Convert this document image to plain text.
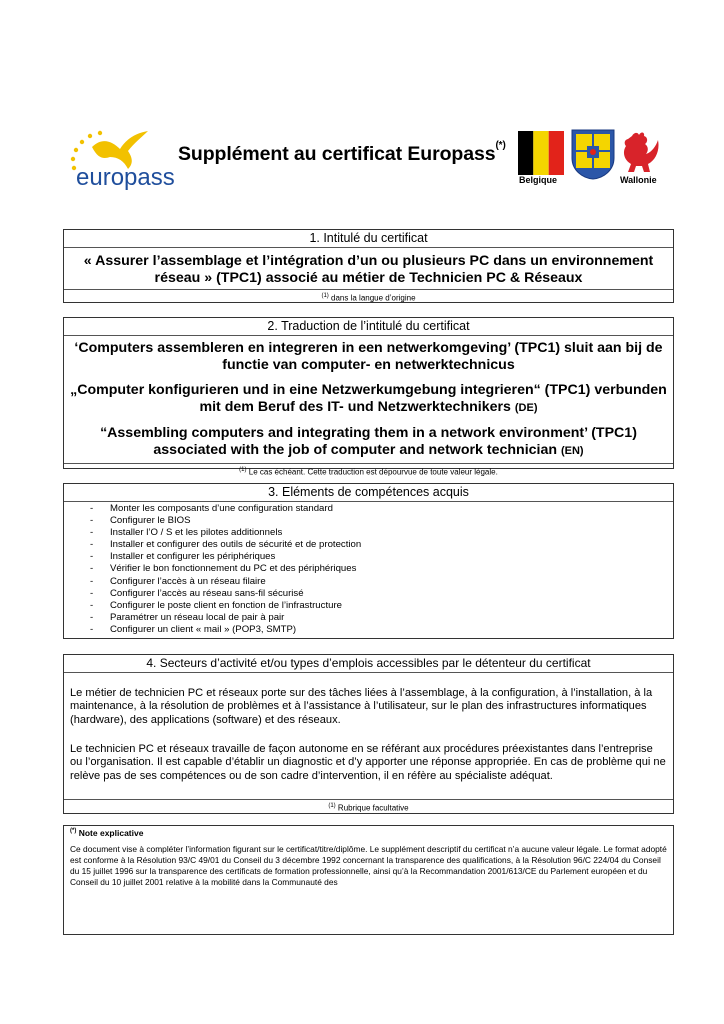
europass
Supplément au certificat Europass(*)
Belgique	Wallonie
1. Intitulé du certificat
« Assurer l’assemblage et l’intégration d’un ou plusieurs PC dans un environnement
réseau » (TPC1) associé au métier de Technicien PC & Réseaux
$^{(1)}$ dans la langue d’origine
2. Traduction de l’intitulé du certificat
‘Computers assembleren en integreren in een netwerkomgeving’ (TPC1) sluit aan bij de
functie van computer- en netwerktechnicus
„Computer konfigurieren und in eine Netzwerkumgebung integrieren“ (TPC1) verbunden
mit dem Beruf des IT- und Netzwerktechnikers (DE)
“Assembling computers and integrating them in a network environment’ (TPC1)
associated with the job of computer and network technician (EN)
$^{(1)}$ Le cas échéant. Cette traduction est dépourvue de toute valeur légale.
3. Eléments de compétences acquis
- Monter les composants d’une configuration standard
- Configurer le BIOS
- Installer l’O / S et les pilotes additionnels
- Installer et configurer des outils de sécurité et de protection
- Installer et configurer les périphériques
- Vérifier le bon fonctionnement du PC et des périphériques
- Configurer l’accès à un réseau filaire
- Configurer l’accès au réseau sans-fil sécurisé
- Configurer le poste client en fonction de l’infrastructure
- Paramétrer un réseau local de pair à pair
- Configurer un client « mail » (POP3, SMTP)
4. Secteurs d’activité et/ou types d’emplois accessibles par le détenteur du certificat
Le métier de technicien PC et réseaux porte sur des tâches liées à l’assemblage, à la configuration, à l’installation, à la maintenance, à la résolution de problèmes et à l’assistance à l’utilisateur, sur le plan des infrastructures informatiques (hardware), des applications (software) et des réseaux.
Le technicien PC et réseaux travaille de façon autonome en se référant aux procédures préexistantes dans l’entreprise ou l’organisation. Il est capable d’établir un diagnostic et d’y apporter une réponse appropriée. En cas de problème qui ne relève pas de ses compétences ou de son cadre d’intervention, il en réfère au spécialiste adéquat.
$^{(1)}$ Rubrique facultative
(*) Note explicative
Ce document vise à compléter l’information figurant sur le certificat/titre/diplôme. Le supplément descriptif du certificat n’a aucune valeur légale. Le format adopté est conforme à la Résolution 93/C 49/01 du Conseil du 3 décembre 1992 concernant la transparence des qualifications, à la Résolution 96/C 224/04 du Conseil du 15 juillet 1996 sur la transparence des certificats de formation professionnelle, ainsi qu’à la Recommandation 2001/613/CE du Parlement européen et du Conseil du 10 juillet 2001 relative à la mobilité dans la Communauté des
